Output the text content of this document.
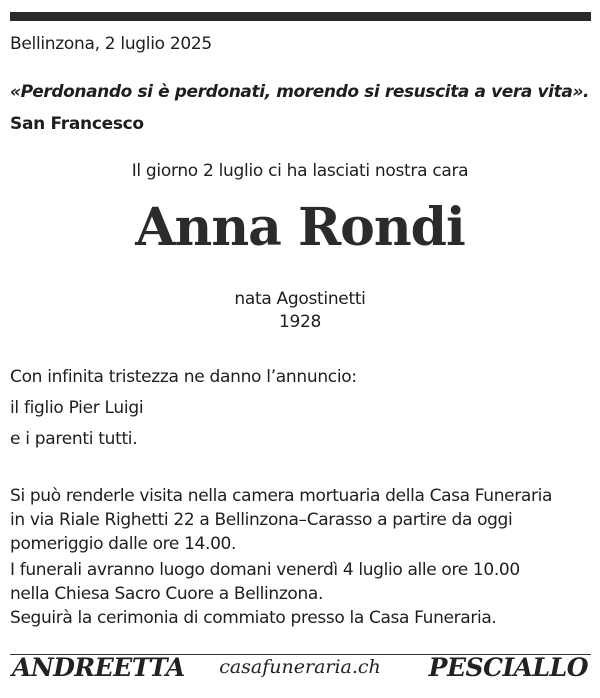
Bellinzona, 2 luglio 2025
«Perdonando si è perdonati, morendo si resuscita a vera vita».
San Francesco
Il giorno 2 luglio ci ha lasciati nostra cara
Anna Rondi
nata Agostinetti
1928
Con infinita tristezza ne danno l’annuncio:
il figlio Pier Luigi
e i parenti tutti.
Si può renderle visita nella camera mortuaria della Casa Funeraria
in via Riale Righetti 22 a Bellinzona–Carasso a partire da oggi
pomeriggio dalle ore 14.00.
I funerali avranno luogo domani venerdì 4 luglio alle ore 10.00
nella Chiesa Sacro Cuore a Bellinzona.
Seguirà la cerimonia di commiato presso la Casa Funeraria.
ANDREETTA	casafuneraria.ch	PESCIALLO
